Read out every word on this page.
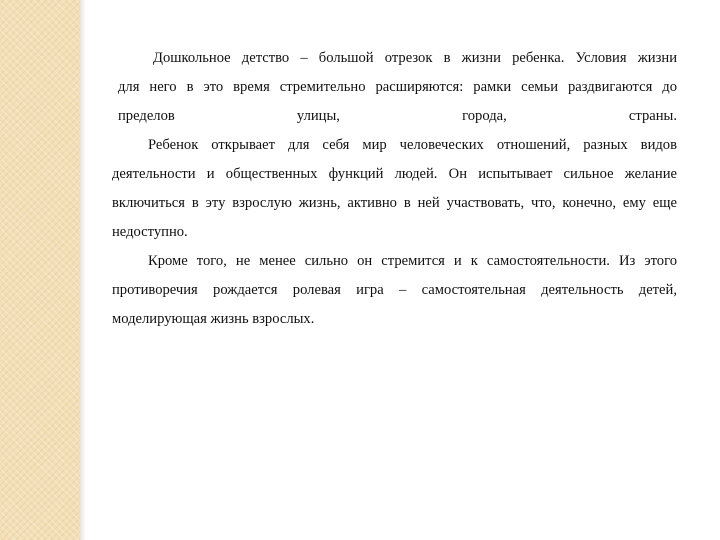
Дошкольное детство – большой отрезок в жизни ребенка. Условия жизни
для него в это время стремительно расширяются: рамки семьи раздвигаются до
пределов улицы, города, страны.

Ребенок открывает для себя мир человеческих отношений, разных видов деятельности и общественных функций людей. Он испытывает сильное желание включиться в эту взрослую жизнь, активно в ней участвовать, что, конечно, ему еще недоступно.

Кроме того, не менее сильно он стремится и к самостоятельности. Из этого противоречия рождается ролевая игра – самостоятельная деятельность детей, моделирующая жизнь взрослых.
